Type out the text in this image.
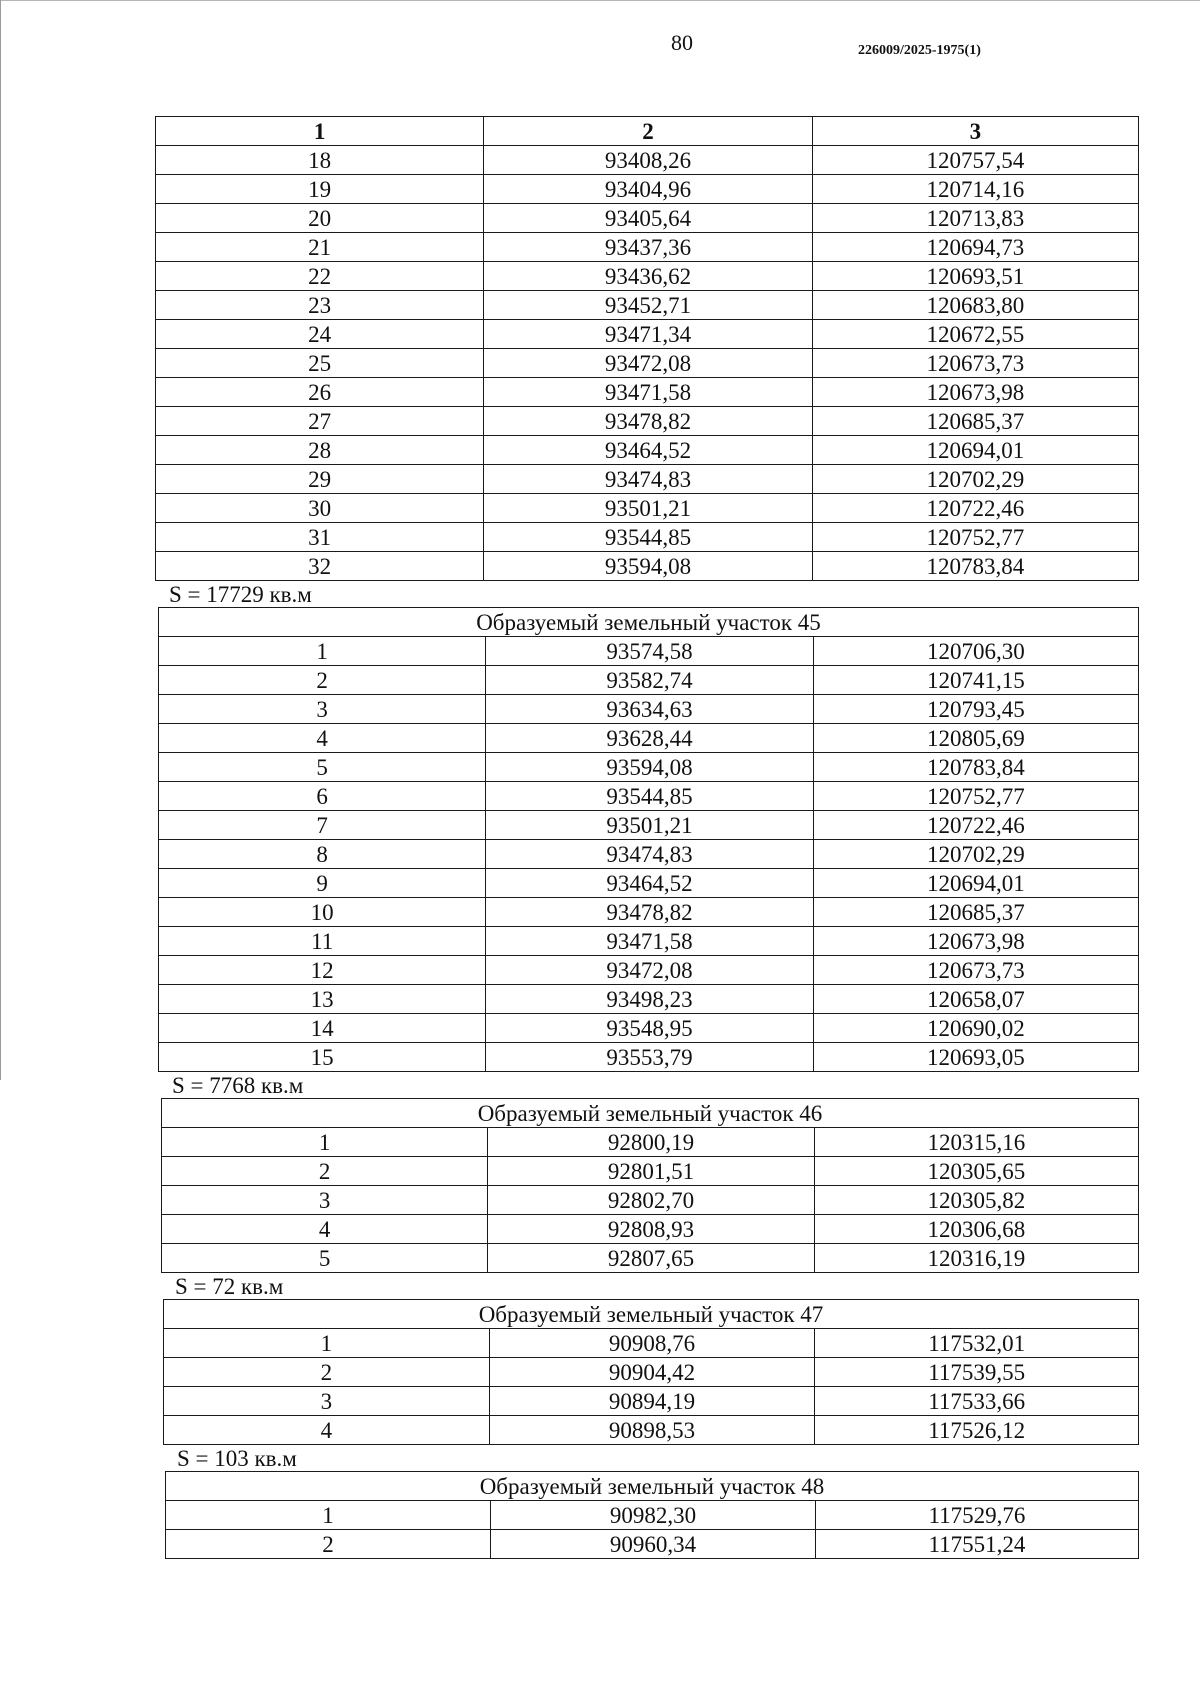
80	226009/2025-1975(1)
1	2	3
18	93408,26	120757,54
19	93404,96	120714,16
20	93405,64	120713,83
21	93437,36	120694,73
22	93436,62	120693,51
23	93452,71	120683,80
24	93471,34	120672,55
25	93472,08	120673,73
26	93471,58	120673,98
27	93478,82	120685,37
28	93464,52	120694,01
29	93474,83	120702,29
30	93501,21	120722,46
31	93544,85	120752,77
32	93594,08	120783,84
S = 17729 кв.м
Образуемый земельный участок 45		
1	93574,58	120706,30
2	93582,74	120741,15
3	93634,63	120793,45
4	93628,44	120805,69
5	93594,08	120783,84
6	93544,85	120752,77
7	93501,21	120722,46
8	93474,83	120702,29
9	93464,52	120694,01
10	93478,82	120685,37
11	93471,58	120673,98
12	93472,08	120673,73
13	93498,23	120658,07
14	93548,95	120690,02
15	93553,79	120693,05
S = 7768 кв.м
Образуемый земельный участок 46		
1	92800,19	120315,16
2	92801,51	120305,65
3	92802,70	120305,82
4	92808,93	120306,68
5	92807,65	120316,19
S = 72 кв.м
Образуемый земельный участок 47		
1	90908,76	117532,01
2	90904,42	117539,55
3	90894,19	117533,66
4	90898,53	117526,12
S = 103 кв.м
Образуемый земельный участок 48		
1	90982,30	117529,76
2	90960,34	117551,24
